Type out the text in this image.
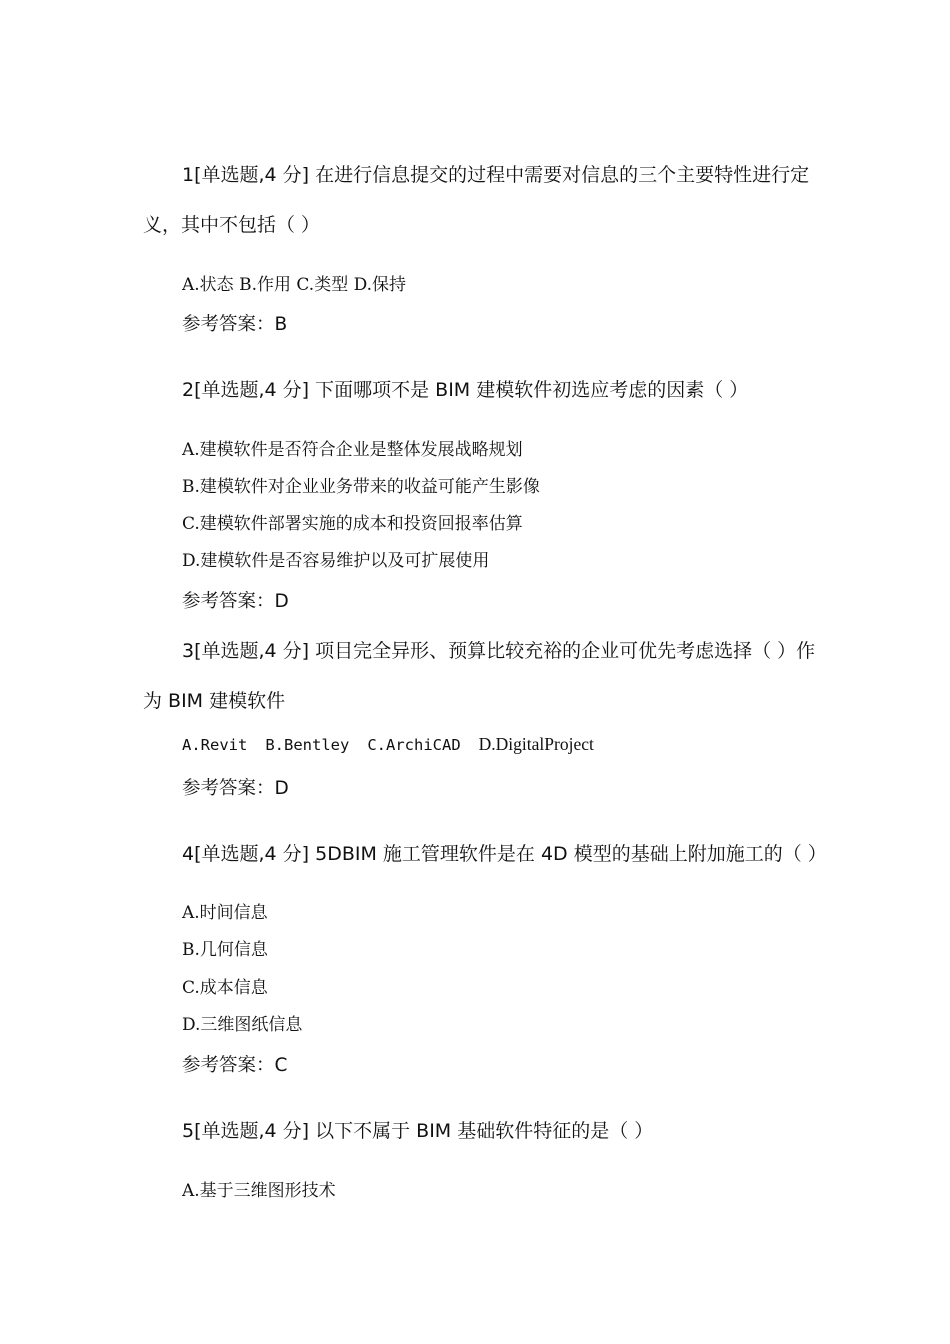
1[单选题,4 分] 在进行信息提交的过程中需要对信息的三个主要特性进行定
义，其中不包括（ ）
A.状态 B.作用 C.类型 D.保持
参考答案：B
2[单选题,4 分] 下面哪项不是 BIM 建模软件初选应考虑的因素（ ）
A.建模软件是否符合企业是整体发展战略规划
B.建模软件对企业业务带来的收益可能产生影像
C.建模软件部署实施的成本和投资回报率估算
D.建模软件是否容易维护以及可扩展使用
参考答案：D
3[单选题,4 分] 项目完全异形、预算比较充裕的企业可优先考虑选择（ ）作
为 BIM 建模软件
A.Revit B.Bentley C.ArchiCAD D.DigitalProject
参考答案：D
4[单选题,4 分] 5DBIM 施工管理软件是在 4D 模型的基础上附加施工的（ ）
A.时间信息
B.几何信息
C.成本信息
D.三维图纸信息
参考答案：C
5[单选题,4 分] 以下不属于 BIM 基础软件特征的是（ ）
A.基于三维图形技术
